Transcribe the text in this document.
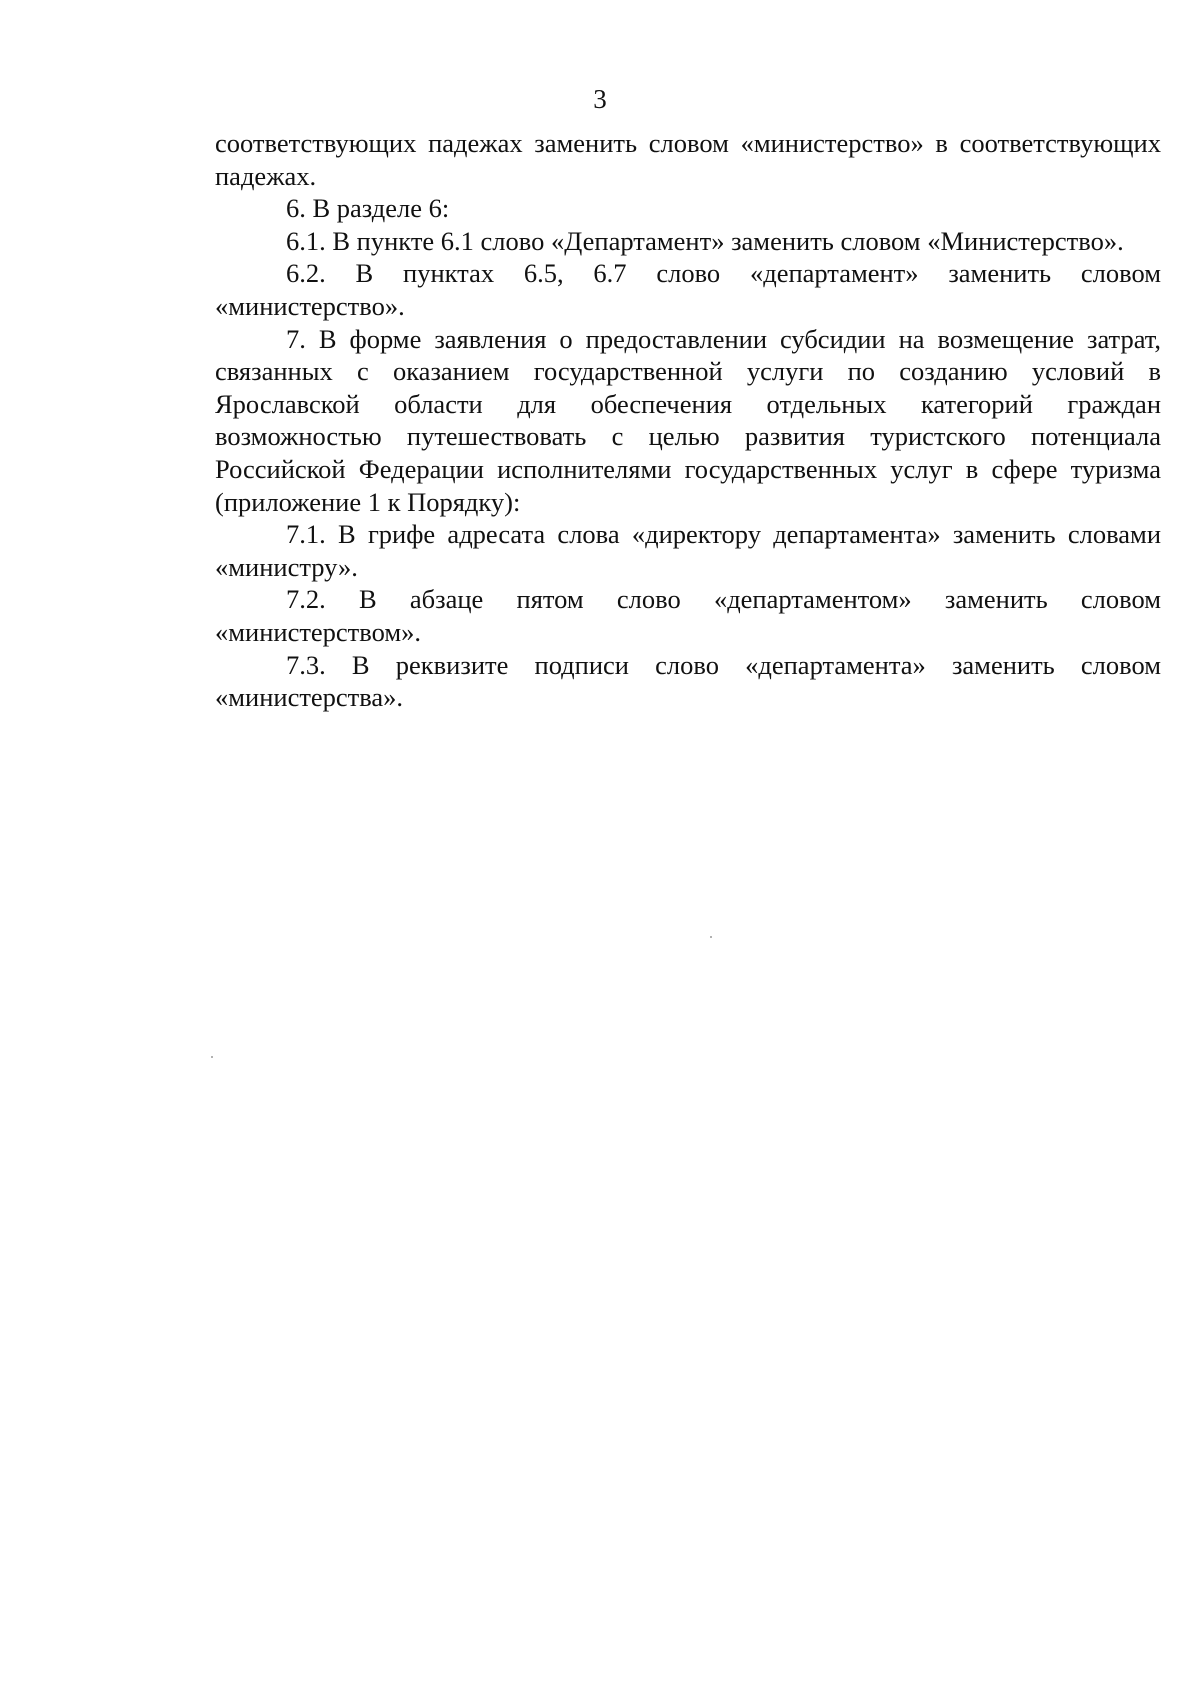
3

соответствующих падежах заменить словом «министерство» в соответствующих падежах.

6. В разделе 6:

6.1. В пункте 6.1 слово «Департамент» заменить словом «Министерство».

6.2. В пунктах 6.5, 6.7 слово «департамент» заменить словом «министерство».

7. В форме заявления о предоставлении субсидии на возмещение затрат, связанных с оказанием государственной услуги по созданию условий в Ярославской области для обеспечения отдельных категорий граждан возможностью путешествовать с целью развития туристского потенциала Российской Федерации исполнителями государственных услуг в сфере туризма (приложение 1 к Порядку):

7.1. В грифе адресата слова «директору департамента» заменить словами «министру».

7.2. В абзаце пятом слово «департаментом» заменить словом «министерством».

7.3. В реквизите подписи слово «департамента» заменить словом «министерства».
